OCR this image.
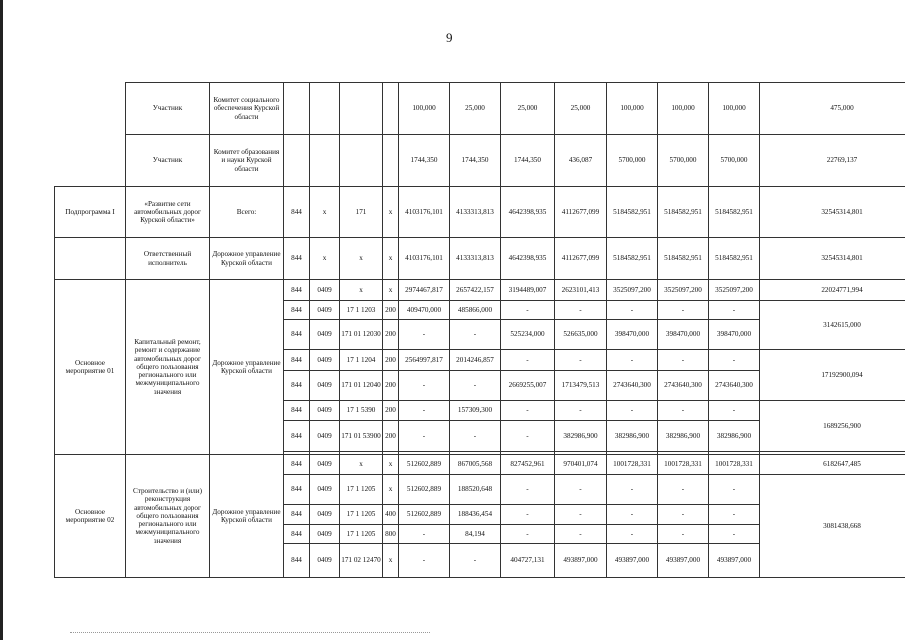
9
	Участник	Комитет социального обеспечения Курской области					100,000	25,000	25,000	25,000	100,000	100,000	100,000	475,000
	Участник	Комитет образования и науки Курской области					1744,350	1744,350	1744,350	436,087	5700,000	5700,000	5700,000	22769,137
Подпрограмма I	«Развитие сети автомобильных дорог Курской области»	Всего:	844	x	171	x	4103176,101	4133313,813	4642398,935	4112677,099	5184582,951	5184582,951	5184582,951	32545314,801
	Ответственный исполнитель	Дорожное управление Курской области	844	x	x	x	4103176,101	4133313,813	4642398,935	4112677,099	5184582,951	5184582,951	5184582,951	32545314,801
Основное мероприятие 01	Капитальный ремонт, ремонт и содержание автомобильных дорог общего пользования регионального или межмуниципального значения	Дорожное управление Курской области	844	0409	x	x	2974467,817	2657422,157	3194489,007	2623101,413	3525097,200	3525097,200	3525097,200	22024771,994
			844	0409	17 1 1203	200	409470,000	485866,000	-	-	-	-	-	3142615,000
			844	0409	171 01 12030	200	-	-	525234,000	526635,000	398470,000	398470,000	398470,000	
			844	0409	17 1 1204	200	2564997,817	2014246,857	-	-	-	-	-	17192900,094
			844	0409	171 01 12040	200	-	-	2669255,007	1713479,513	2743640,300	2743640,300	2743640,300	
			844	0409	17 1 5390	200	-	157309,300	-	-	-	-	-	1689256,900
			844	0409	171 01 53900	200	-	-	-	382986,900	382986,900	382986,900	382986,900	

Основное мероприятие 02	Строительство и (или) реконструкция автомобильных дорог общего пользования регионального или межмуниципального значения	Дорожное управление Курской области	844	0409	x	x	512602,889	867005,568	827452,961	970401,074	1001728,331	1001728,331	1001728,331	6182647,485
			844	0409	17 1 1205	x	512602,889	188520,648	-	-	-	-	-	3081438,668
			844	0409	17 1 1205	400	512602,889	188436,454	-	-	-	-	-	
			844	0409	17 1 1205	800	-	84,194	-	-	-	-	-	
			844	0409	171 02 12470	x	-	-	404727,131	493897,000	493897,000	493897,000	493897,000	
